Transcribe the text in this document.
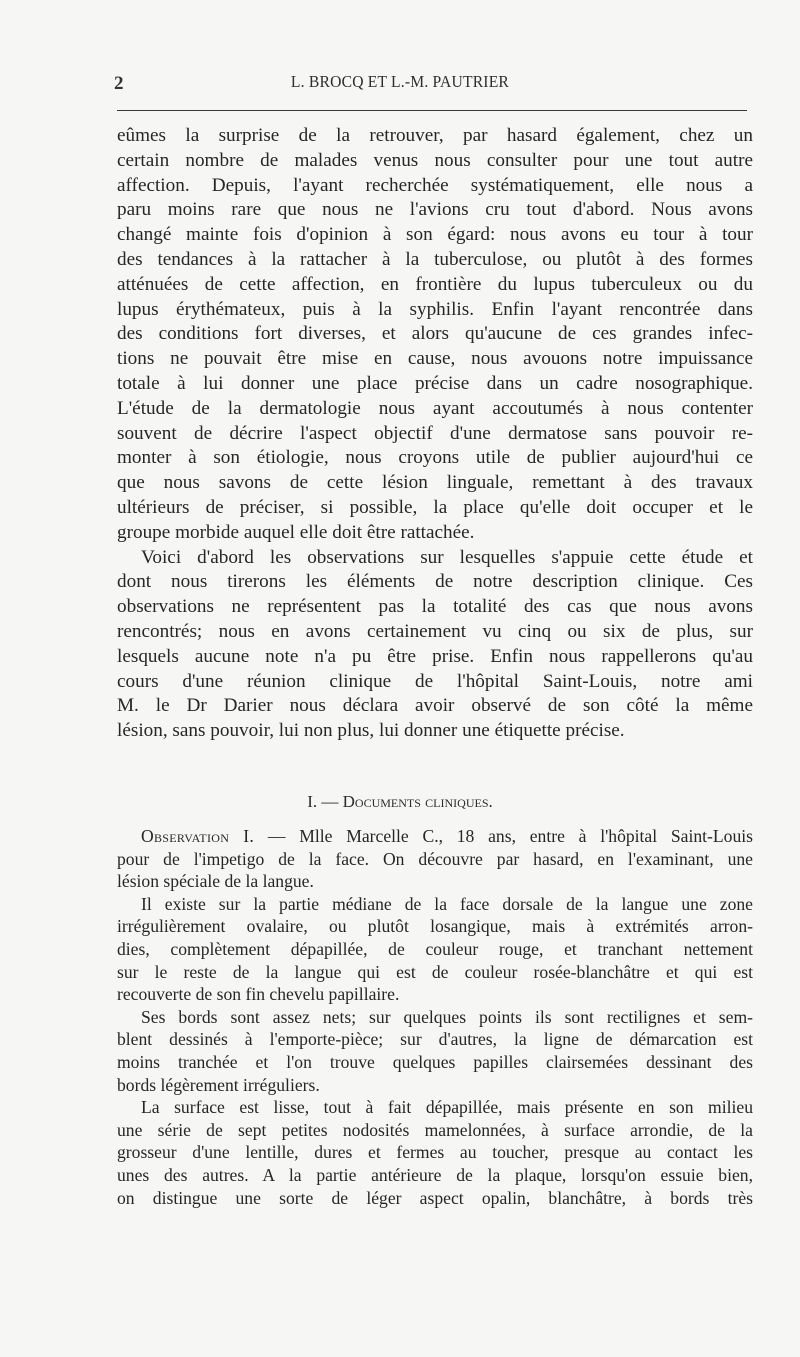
2	L. BROCQ ET L.-M. PAUTRIER
eûmes la surprise de la retrouver, par hasard également, chez un
certain nombre de malades venus nous consulter pour une tout autre
affection. Depuis, l'ayant recherchée systématiquement, elle nous a
paru moins rare que nous ne l'avions cru tout d'abord. Nous avons
changé mainte fois d'opinion à son égard: nous avons eu tour à tour
des tendances à la rattacher à la tuberculose, ou plutôt à des formes
atténuées de cette affection, en frontière du lupus tuberculeux ou du
lupus érythémateux, puis à la syphilis. Enfin l'ayant rencontrée dans
des conditions fort diverses, et alors qu'aucune de ces grandes infec-
tions ne pouvait être mise en cause, nous avouons notre impuissance
totale à lui donner une place précise dans un cadre nosographique.
L'étude de la dermatologie nous ayant accoutumés à nous contenter
souvent de décrire l'aspect objectif d'une dermatose sans pouvoir re-
monter à son étiologie, nous croyons utile de publier aujourd'hui ce
que nous savons de cette lésion linguale, remettant à des travaux
ultérieurs de préciser, si possible, la place qu'elle doit occuper et le
groupe morbide auquel elle doit être rattachée.
Voici d'abord les observations sur lesquelles s'appuie cette étude et
dont nous tirerons les éléments de notre description clinique. Ces
observations ne représentent pas la totalité des cas que nous avons
rencontrés; nous en avons certainement vu cinq ou six de plus, sur
lesquels aucune note n'a pu être prise. Enfin nous rappellerons qu'au
cours d'une réunion clinique de l'hôpital Saint-Louis, notre ami
M. le Dr Darier nous déclara avoir observé de son côté la même
lésion, sans pouvoir, lui non plus, lui donner une étiquette précise.
I. — Documents cliniques.
Observation I. — Mlle Marcelle C., 18 ans, entre à l'hôpital Saint-Louis
pour de l'impetigo de la face. On découvre par hasard, en l'examinant, une
lésion spéciale de la langue.
Il existe sur la partie médiane de la face dorsale de la langue une zone
irrégulièrement ovalaire, ou plutôt losangique, mais à extrémités arron-
dies, complètement dépapillée, de couleur rouge, et tranchant nettement
sur le reste de la langue qui est de couleur rosée-blanchâtre et qui est
recouverte de son fin chevelu papillaire.
Ses bords sont assez nets; sur quelques points ils sont rectilignes et sem-
blent dessinés à l'emporte-pièce; sur d'autres, la ligne de démarcation est
moins tranchée et l'on trouve quelques papilles clairsemées dessinant des
bords légèrement irréguliers.
La surface est lisse, tout à fait dépapillée, mais présente en son milieu
une série de sept petites nodosités mamelonnées, à surface arrondie, de la
grosseur d'une lentille, dures et fermes au toucher, presque au contact les
unes des autres. A la partie antérieure de la plaque, lorsqu'on essuie bien,
on distingue une sorte de léger aspect opalin, blanchâtre, à bords très
